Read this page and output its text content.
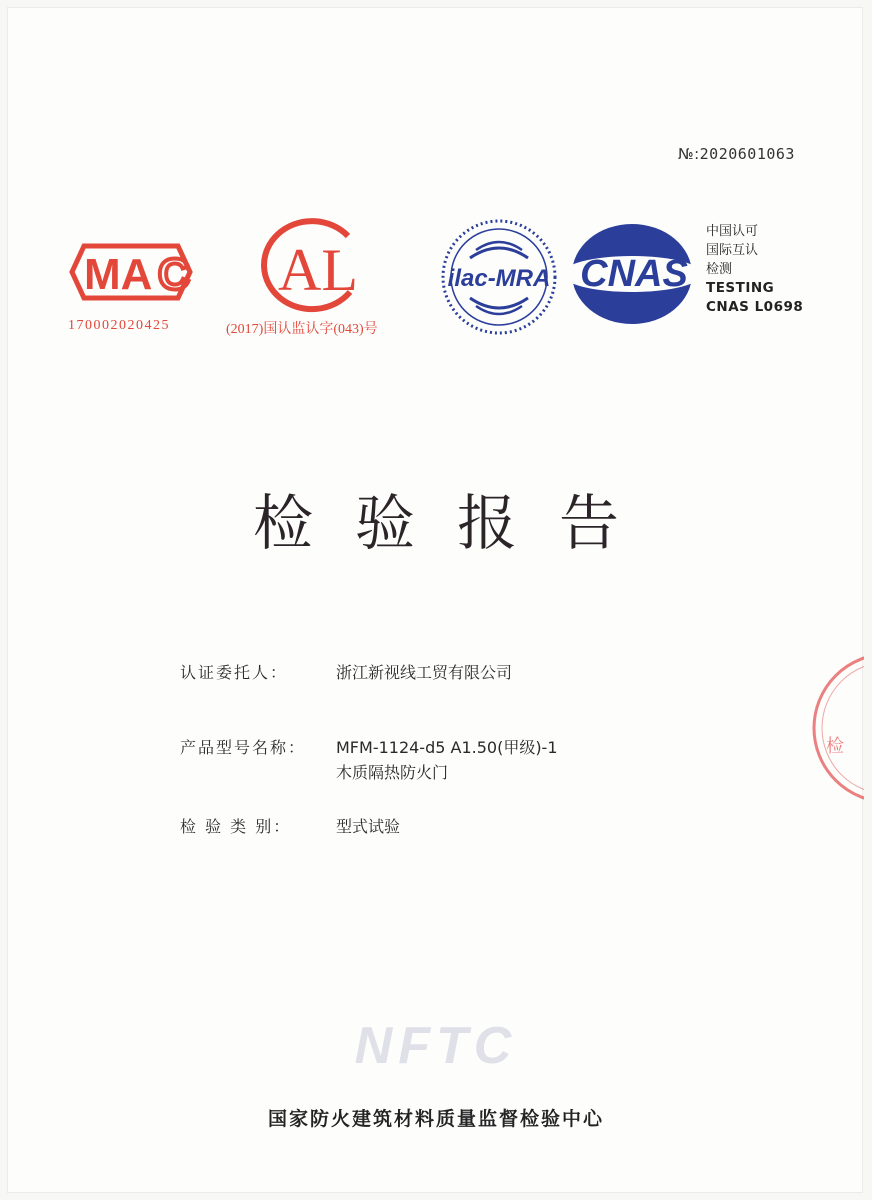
№:2020601063
MA C
170002020425
AL
(2017)国认监认字(043)号
ilac-MRA CNAS
中国认可
国际互认
检测
TESTING
CNAS L0698
检验报告
认证委托人：	浙江新视线工贸有限公司
产品型号名称： MFM-1124-d5 A1.50(甲级)-1
木质隔热防火门
检 验 类 别：	型式试验
检
NFTC
国家防火建筑材料质量监督检验中心
